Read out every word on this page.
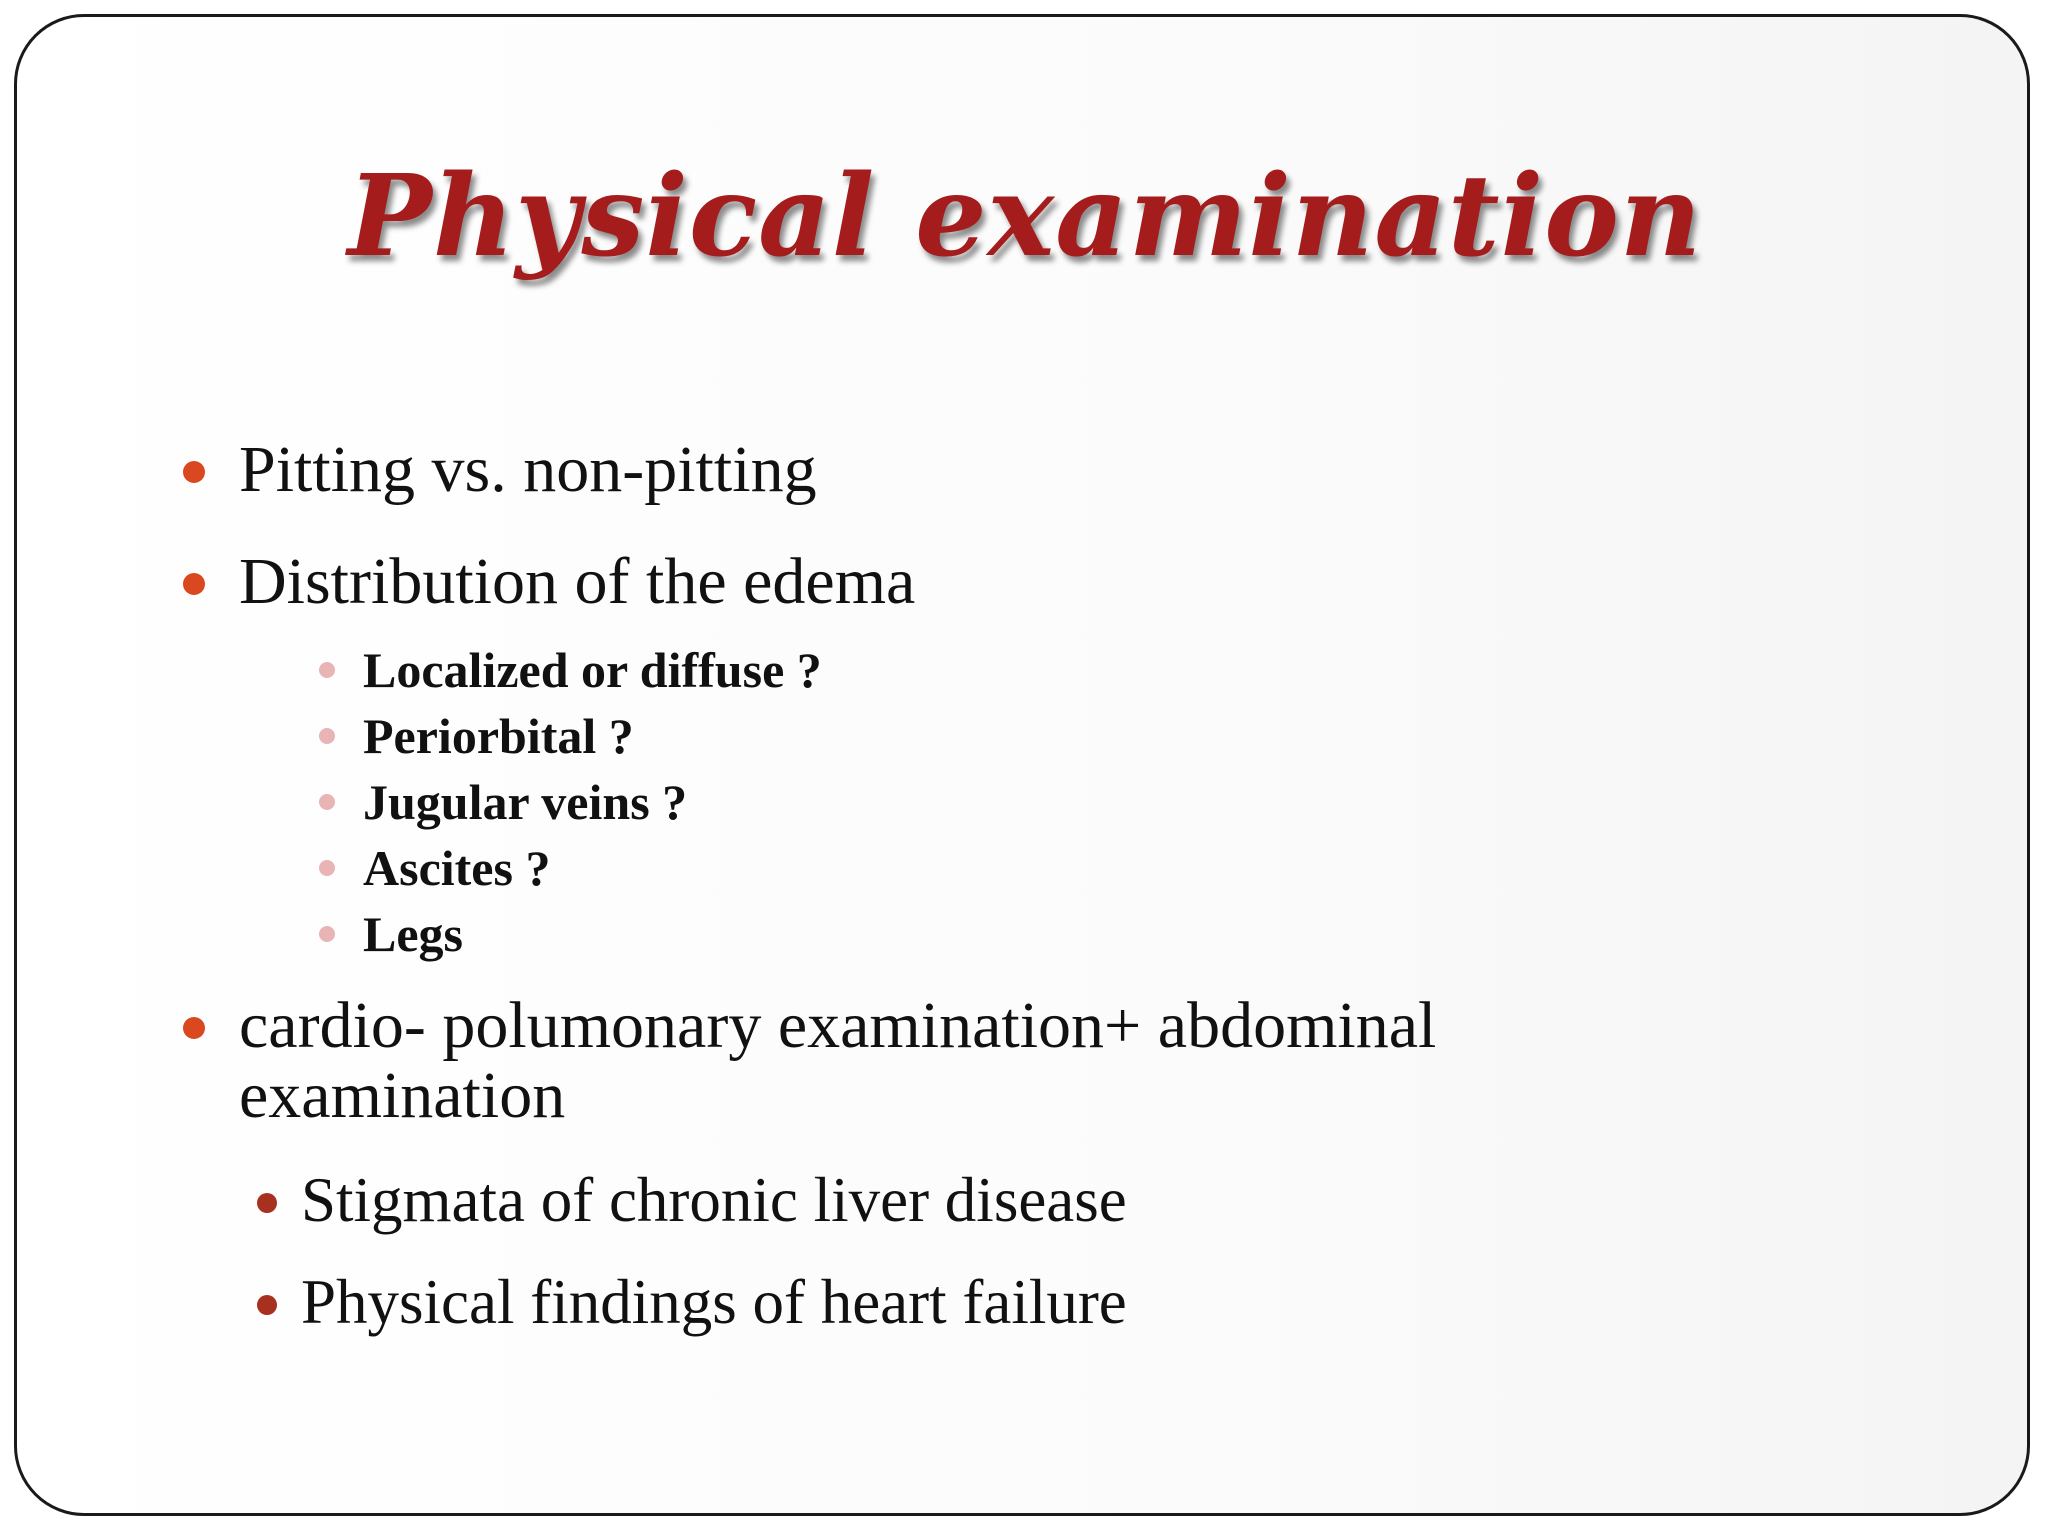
Physical examination
Pitting vs. non-pitting
Distribution of the edema
Localized or diffuse ?
Periorbital ?
Jugular veins ?
Ascites ?
Legs
cardio- polumonary examination+ abdominal
examination
Stigmata of chronic liver disease
Physical findings of heart failure
